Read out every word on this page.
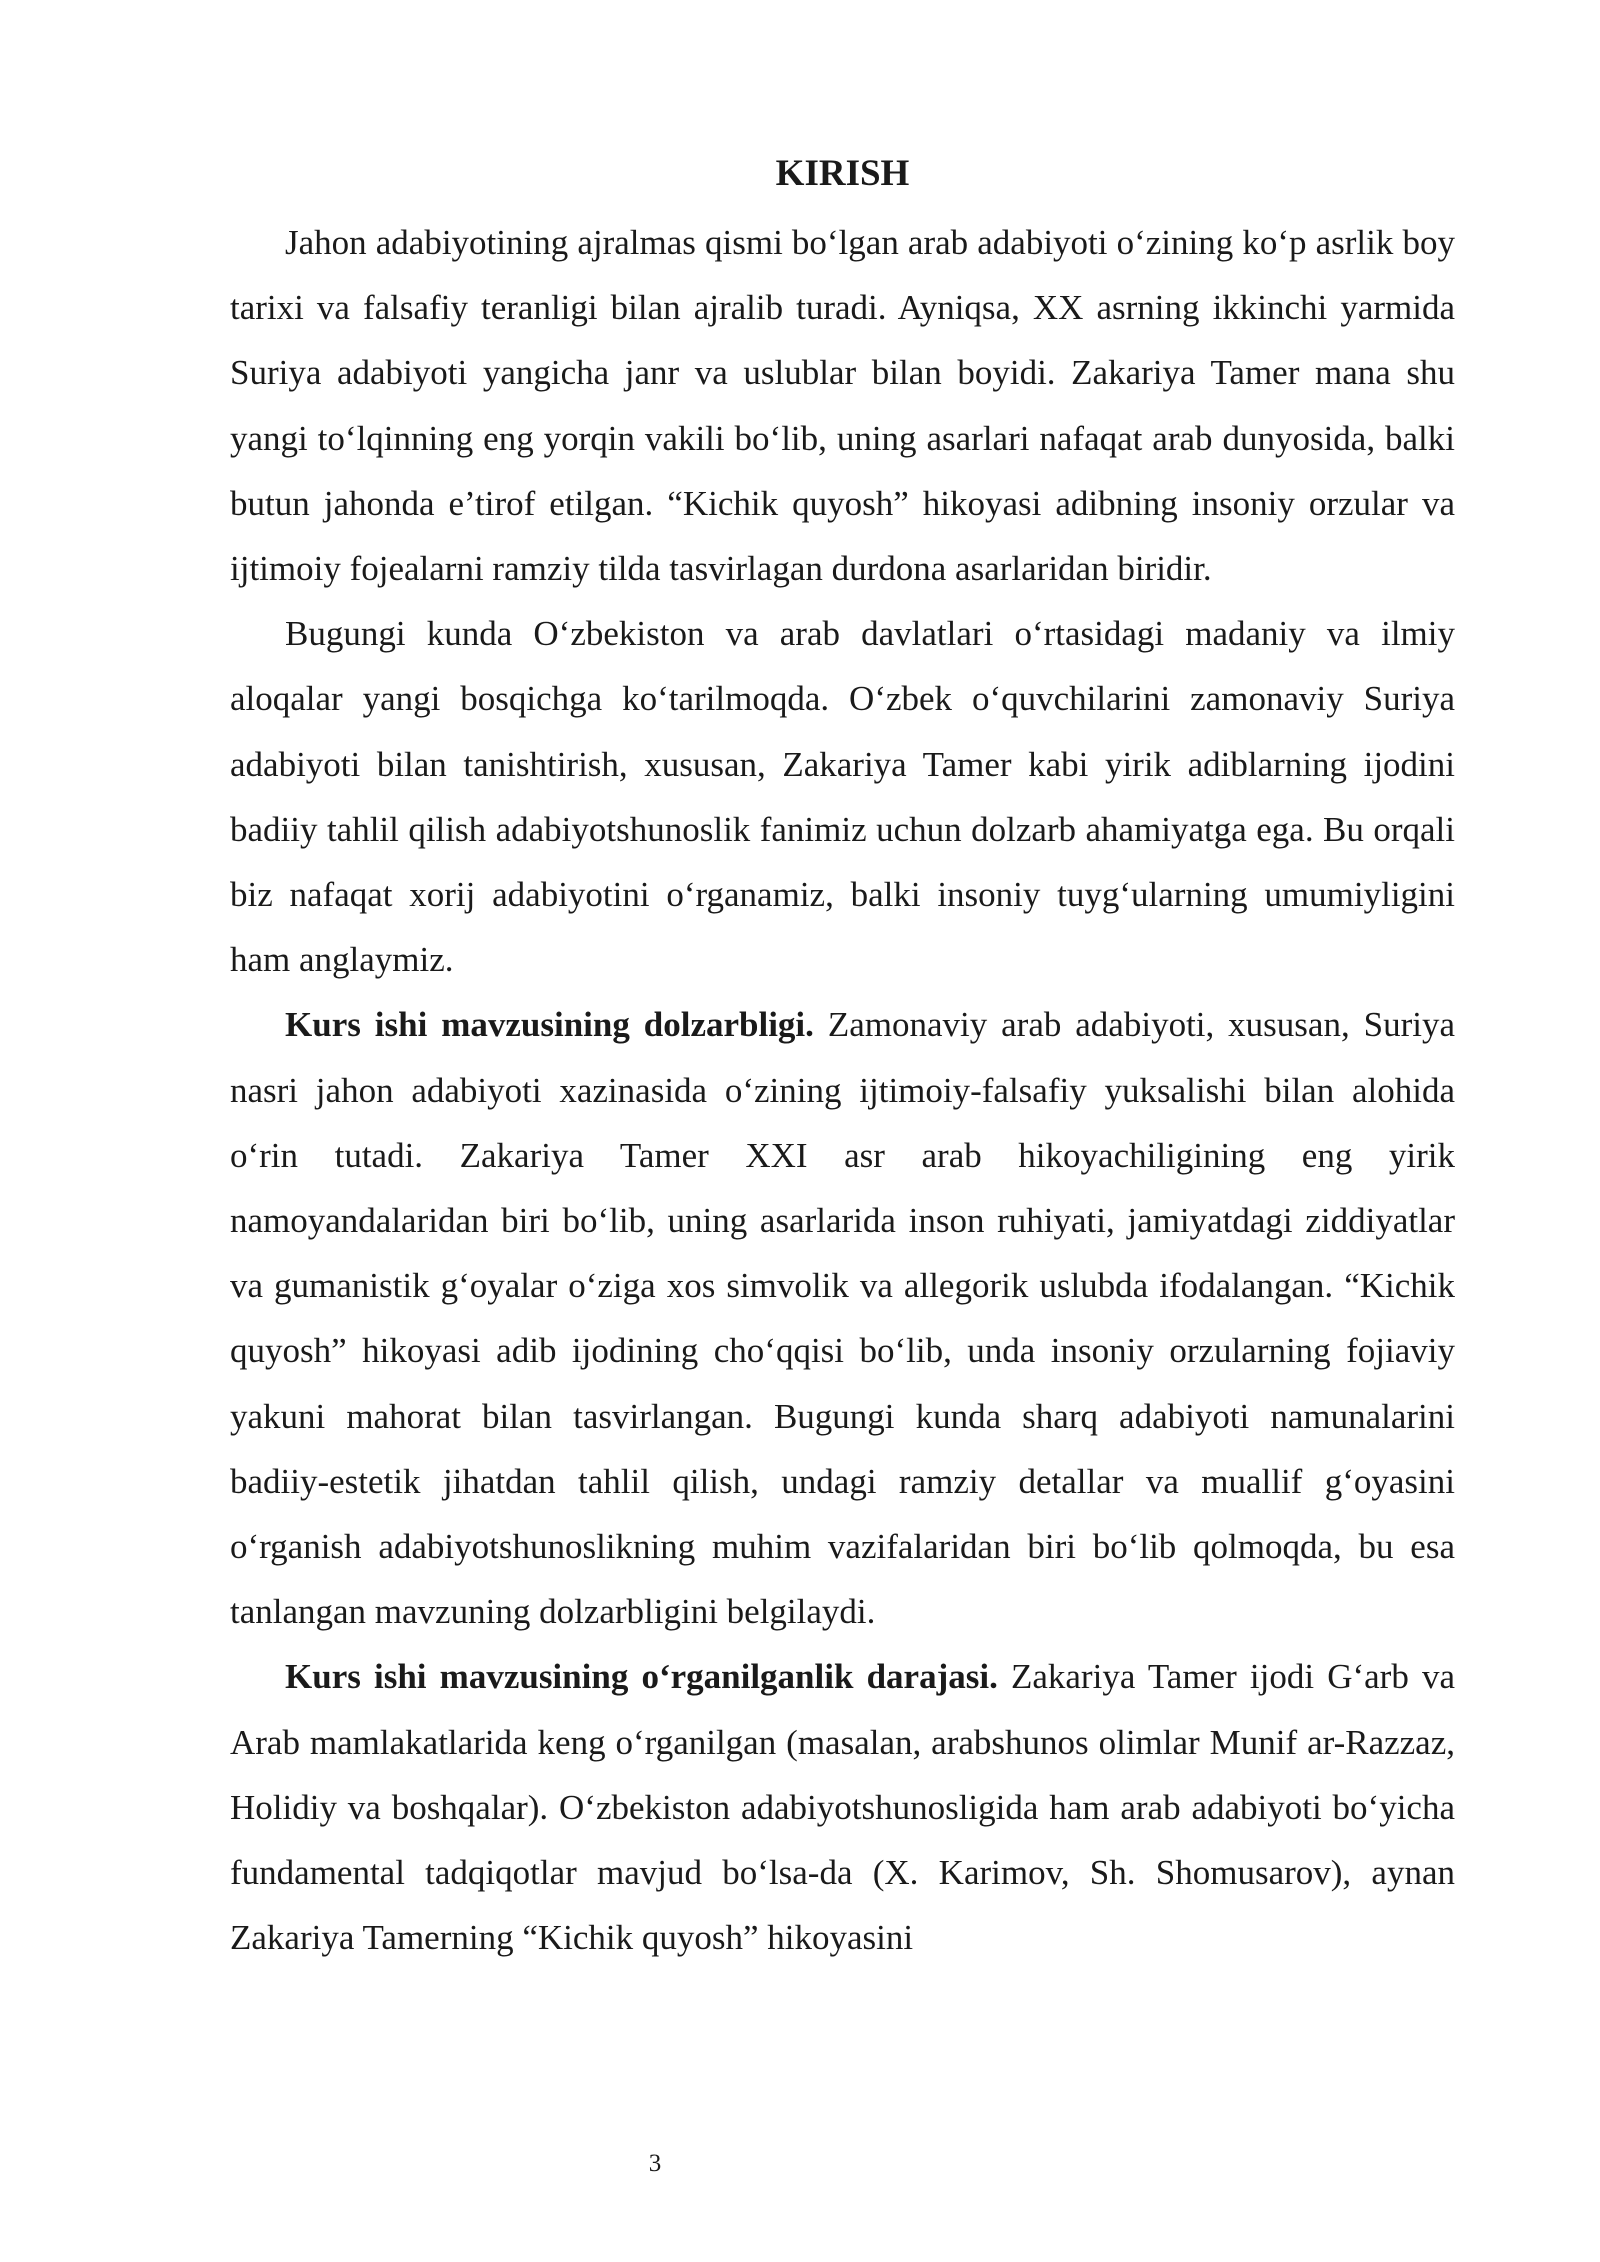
KIRISH

Jahon adabiyotining ajralmas qismi boʻlgan arab adabiyoti oʻzining koʻp asrlik boy tarixi va falsafiy teranligi bilan ajralib turadi. Ayniqsa, XX asrning ikkinchi yarmida Suriya adabiyoti yangicha janr va uslublar bilan boyidi. Zakariya Tamer mana shu yangi toʻlqinning eng yorqin vakili boʻlib, uning asarlari nafaqat arab dunyosida, balki butun jahonda e’tirof etilgan. “Kichik quyosh” hikoyasi adibning insoniy orzular va ijtimoiy fojealarni ramziy tilda tasvirlagan durdona asarlaridan biridir.

Bugungi kunda Oʻzbekiston va arab davlatlari oʻrtasidagi madaniy va ilmiy aloqalar yangi bosqichga koʻtarilmoqda. Oʻzbek oʻquvchilarini zamonaviy Suriya adabiyoti bilan tanishtirish, xususan, Zakariya Tamer kabi yirik adiblarning ijodini badiiy tahlil qilish adabiyotshunoslik fanimiz uchun dolzarb ahamiyatga ega. Bu orqali biz nafaqat xorij adabiyotini oʻrganamiz, balki insoniy tuygʻularning umumiyligini ham anglaymiz.

Kurs ishi mavzusining dolzarbligi. Zamonaviy arab adabiyoti, xususan, Suriya nasri jahon adabiyoti xazinasida oʻzining ijtimoiy-falsafiy yuksalishi bilan alohida oʻrin tutadi. Zakariya Tamer XXI asr arab hikoyachiligining eng yirik namoyandalaridan biri boʻlib, uning asarlarida inson ruhiyati, jamiyatdagi ziddiyatlar va gumanistik gʻoyalar oʻziga xos simvolik va allegorik uslubda ifodalangan. “Kichik quyosh” hikoyasi adib ijodining choʻqqisi boʻlib, unda insoniy orzularning fojiaviy yakuni mahorat bilan tasvirlangan. Bugungi kunda sharq adabiyoti namunalarini badiiy-estetik jihatdan tahlil qilish, undagi ramziy detallar va muallif gʻoyasini oʻrganish adabiyotshunoslikning muhim vazifalaridan biri boʻlib qolmoqda, bu esa tanlangan mavzuning dolzarbligini belgilaydi.

Kurs ishi mavzusining oʻrganilganlik darajasi. Zakariya Tamer ijodi Gʻarb va Arab mamlakatlarida keng oʻrganilgan (masalan, arabshunos olimlar Munif ar-Razzaz, Holidiy va boshqalar). Oʻzbekiston adabiyotshunosligida ham arab adabiyoti boʻyicha fundamental tadqiqotlar mavjud boʻlsa-da (X. Karimov, Sh. Shomusarov), aynan Zakariya Tamerning “Kichik quyosh” hikoyasini

3
